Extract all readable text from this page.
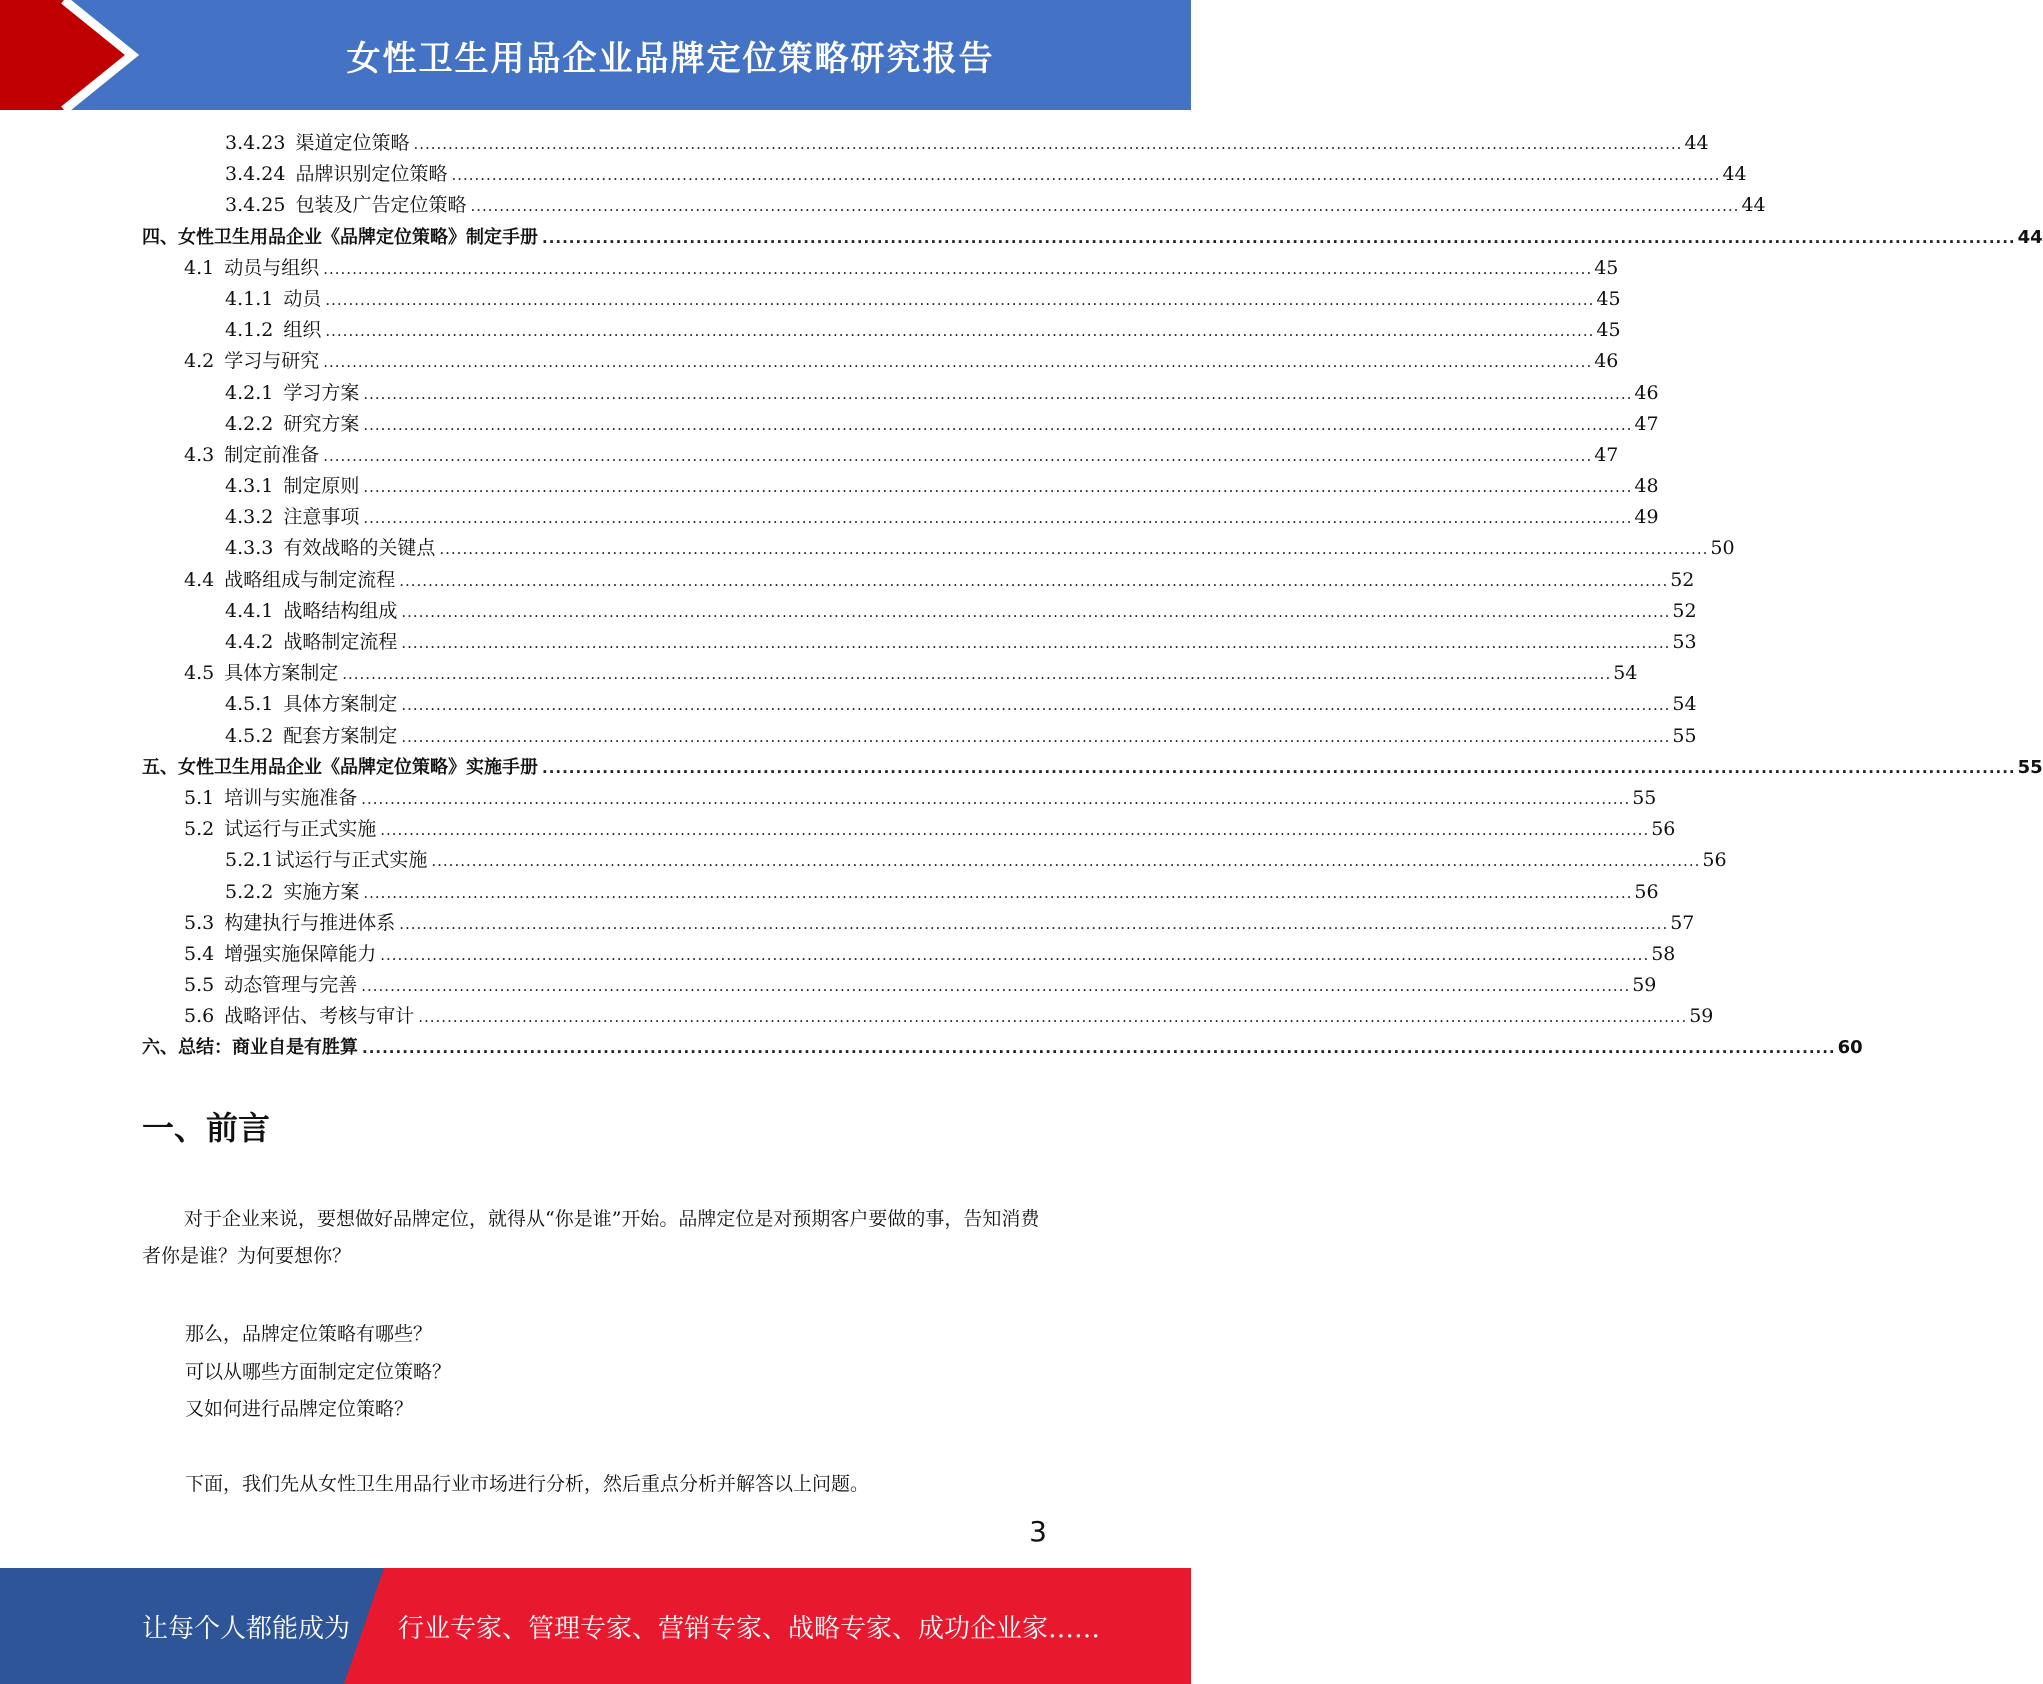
女性卫生用品企业品牌定位策略研究报告
3.4.23 渠道定位策略 ............................................................................................................................................................................................................................ 44
3.4.24 品牌识别定位策略 ............................................................................................................................................................................................................................ 44
3.4.25 包装及广告定位策略 ............................................................................................................................................................................................................................ 44
四、女性卫生用品企业《品牌定位策略》制定手册 ............................................................................................................................................................................................................................ 44
4.1 动员与组织 ............................................................................................................................................................................................................................ 45
4.1.1 动员 ............................................................................................................................................................................................................................ 45
4.1.2 组织 ............................................................................................................................................................................................................................ 45
4.2 学习与研究 ............................................................................................................................................................................................................................ 46
4.2.1 学习方案 ............................................................................................................................................................................................................................ 46
4.2.2 研究方案 ............................................................................................................................................................................................................................ 47
4.3 制定前准备 ............................................................................................................................................................................................................................ 47
4.3.1 制定原则 ............................................................................................................................................................................................................................ 48
4.3.2 注意事项 ............................................................................................................................................................................................................................ 49
4.3.3 有效战略的关键点 ............................................................................................................................................................................................................................ 50
4.4 战略组成与制定流程 ............................................................................................................................................................................................................................ 52
4.4.1 战略结构组成 ............................................................................................................................................................................................................................ 52
4.4.2 战略制定流程 ............................................................................................................................................................................................................................ 53
4.5 具体方案制定 ............................................................................................................................................................................................................................ 54
4.5.1 具体方案制定 ............................................................................................................................................................................................................................ 54
4.5.2 配套方案制定 ............................................................................................................................................................................................................................ 55
五、女性卫生用品企业《品牌定位策略》实施手册 ............................................................................................................................................................................................................................ 55
5.1 培训与实施准备 ............................................................................................................................................................................................................................ 55
5.2 试运行与正式实施 ............................................................................................................................................................................................................................ 56
5.2.1 试运行与正式实施 ............................................................................................................................................................................................................................ 56
5.2.2 实施方案 ............................................................................................................................................................................................................................ 56
5.3 构建执行与推进体系 ............................................................................................................................................................................................................................ 57
5.4 增强实施保障能力 ............................................................................................................................................................................................................................ 58
5.5 动态管理与完善 ............................................................................................................................................................................................................................ 59
5.6 战略评估、考核与审计 ............................................................................................................................................................................................................................ 59
六、总结：商业自是有胜算 ............................................................................................................................................................................................................................ 60
一、前言
对于企业来说，要想做好品牌定位，就得从“你是谁”开始。品牌定位是对预期客户要做的事，告知消费者你是谁？为何要想你？
那么，品牌定位策略有哪些？
可以从哪些方面制定定位策略？
又如何进行品牌定位策略？
下面，我们先从女性卫生用品行业市场进行分析，然后重点分析并解答以上问题。
3
让每个人都能成为 行业专家、管理专家、营销专家、战略专家、成功企业家……
